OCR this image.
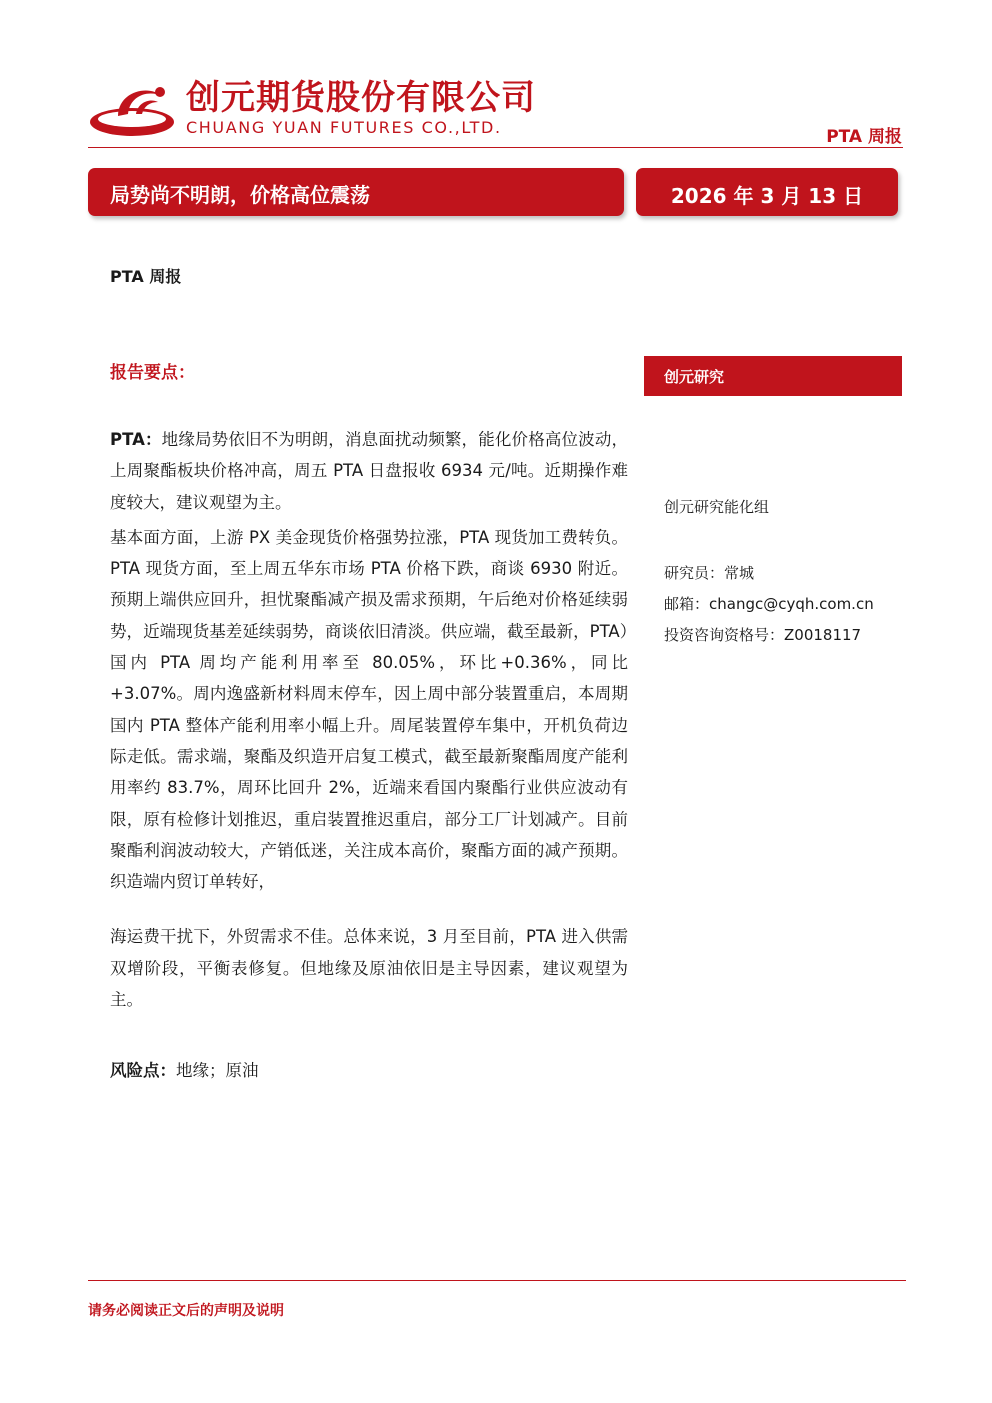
创元期货股份有限公司
CHUANG YUAN FUTURES CO.,LTD.	PTA 周报
局势尚不明朗，价格高位震荡	2026 年 3 月 13 日
PTA 周报
报告要点：

PTA：地缘局势依旧不为明朗，消息面扰动频繁，能化价格高位波动，上周聚酯板块价格冲高，周五 PTA 日盘报收 6934 元/吨。近期操作难度较大，建议观望为主。

基本面方面，上游 PX 美金现货价格强势拉涨，PTA 现货加工费转负。PTA 现货方面，至上周五华东市场 PTA 价格下跌，商谈 6930 附近。预期上端供应回升，担忧聚酯减产损及需求预期，午后绝对价格延续弱势，近端现货基差延续弱势，商谈依旧清淡。供应端，截至最新，PTA）国内 PTA 周均产能利用率至 80.05%，环比+0.36%，同比+3.07%。周内逸盛新材料周末停车，因上周中部分装置重启，本周期国内 PTA 整体产能利用率小幅上升。周尾装置停车集中，开机负荷边际走低。需求端，聚酯及织造开启复工模式，截至最新聚酯周度产能利用率约 83.7%，周环比回升 2%，近端来看国内聚酯行业供应波动有限，原有检修计划推迟，重启装置推迟重启，部分工厂计划减产。目前聚酯利润波动较大，产销低迷，关注成本高价，聚酯方面的减产预期。织造端内贸订单转好，

海运费干扰下，外贸需求不佳。总体来说，3 月至目前，PTA 进入供需双增阶段，平衡表修复。但地缘及原油依旧是主导因素，建议观望为主。

风险点：地缘；原油
创元研究
创元研究能化组
研究员：常城
邮箱：changc@cyqh.com.cn
投资咨询资格号：Z0018117
请务必阅读正文后的声明及说明
